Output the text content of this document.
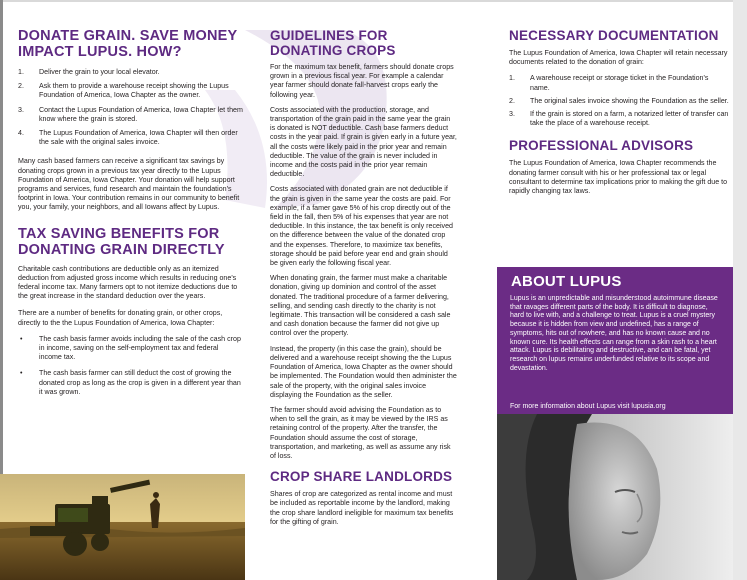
DONATE GRAIN. SAVE MONEY IMPACT LUPUS. HOW?
1. Deliver the grain to your local elevator.
2. Ask them to provide a warehouse receipt showing the Lupus Foundation of America, Iowa Chapter as the owner.
3. Contact the Lupus Foundation of America, Iowa Chapter let them know where the grain is stored.
4. The Lupus Foundation of America, Iowa Chapter will then order the sale with the original sales invoice.

Many cash based farmers can receive a significant tax savings by donating crops grown in a previous tax year directly to the Lupus Foundation of America, Iowa Chapter. Your donation will help support programs and services, fund research and maintain the foundation's footprint in Iowa. Your contribution remains in our community to benefit you, your family, your neighbors, and all Iowans affect by Lupus.

TAX SAVING BENEFITS FOR DONATING GRAIN DIRECTLY

Charitable cash contributions are deductible only as an itemized deduction from adjusted gross income which results in reducing one's federal income tax. Many farmers opt to not itemize deductions due to the great increase in the standard deduction over the years.

There are a number of benefits for donating grain, or other crops, directly to the the Lupus Foundation of America, Iowa Chapter:

• The cash basis farmer avoids including the sale of the cash crop in income, saving on the self-employment tax and federal income tax.
• The cash basis farmer can still deduct the cost of growing the donated crop as long as the crop is given in a different year than it was grown.
GUIDELINES FOR DONATING CROPS

For the maximum tax benefit, farmers should donate crops grown in a previous fiscal year. For example a calendar year farmer should donate fall-harvest crops early the following year.

Costs associated with the production, storage, and transportation of the grain paid in the same year the grain is donated is NOT deductible. Cash base farmers deduct costs in the year paid. If grain is given early in a future year, all the costs were likely paid in the prior year and remain deductible. The value of the grain is never included in income and the costs paid in the prior year remain deductible.

Costs associated with donated grain are not deductible if the grain is given in the same year the costs are paid. For example, if a famer gave 5% of his crop directly out of the field in the fall, then 5% of his expenses that year are not deductible. In this instance, the tax benefit is only received on the difference between the value of the donated crop and the expenses. Therefore, to maximize tax benefits, storage should be paid before year end and grain should be given early the following fiscal year.

When donating grain, the farmer must make a charitable donation, giving up dominion and control of the asset donated. The traditional procedure of a farmer delivering, selling, and sending cash directly to the charity is not legitimate. This transaction will be considered a cash sale and cash donation because the farmer did not give up control over the property.

Instead, the property (in this case the grain), should be delivered and a warehouse receipt showing the the Lupus Foundation of America, Iowa Chapter as the owner should be implemented. The Foundation would then administer the sale of the property, with the original sales invoice displaying the Foundation as the seller.

The farmer should avoid advising the Foundation as to when to sell the grain, as it may be viewed by the IRS as retaining control of the property. After the transfer, the Foundation should assume the cost of storage, transportation, and marketing, as well as assume any risk of loss.

CROP SHARE LANDLORDS

Shares of crop are categorized as rental income and must be included as reportable income by the landlord, making the crop share landlord ineligible for maximum tax benefits for the gifting of grain.

NECESSARY DOCUMENTATION

The Lupus Foundation of America, Iowa Chapter will retain necessary documents related to the donation of grain:

1. A warehouse receipt or storage ticket in the Foundation's name.
2. The original sales invoice showing the Foundation as the seller.
3. If the grain is stored on a farm, a notarized letter of transfer can take the place of a warehouse receipt.
PROFESSIONAL ADVISORS

The Lupus Foundation of America, Iowa Chapter recommends the donating farmer consult with his or her professional tax or legal consultant to determine tax implications prior to making the gift due to rapidly changing tax laws.

ABOUT LUPUS

Lupus is an unpredictable and misunderstood autoimmune disease that ravages different parts of the body. It is difficult to diagnose, hard to live with, and a challenge to treat. Lupus is a cruel mystery because it is hidden from view and undefined, has a range of symptoms, hits out of nowhere, and has no known cause and no known cure. Its health effects can range from a skin rash to a heart attack. Lupus is debilitating and destructive, and can be fatal, yet research on lupus remains underfunded relative to its scope and devastation.

For more information about Lupus visit lupusia.org
